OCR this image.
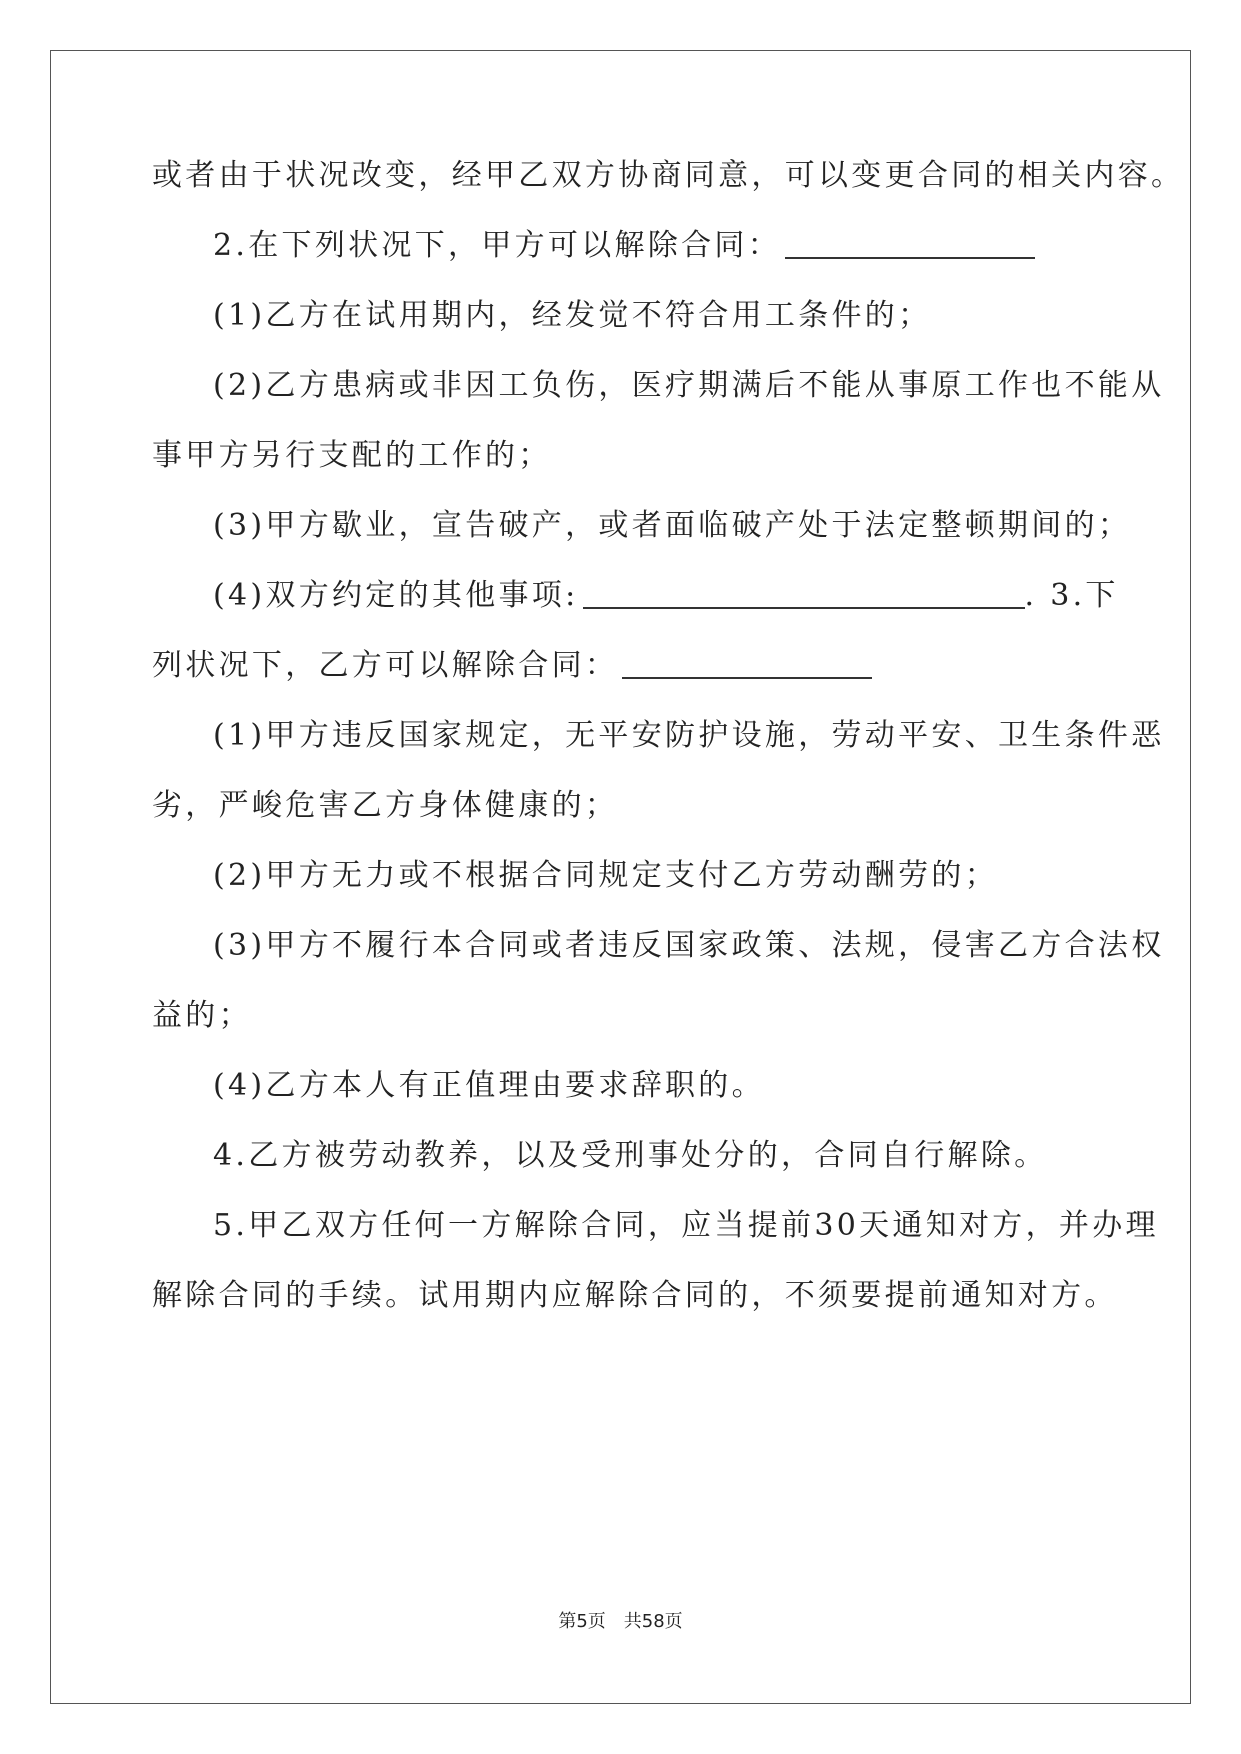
或者由于状况改变，经甲乙双方协商同意，可以变更合同的相关内容。
2.在下列状况下，甲方可以解除合同：
(1)乙方在试用期内，经发觉不符合用工条件的；
(2)乙方患病或非因工负伤，医疗期满后不能从事原工作也不能从
事甲方另行支配的工作的；
(3)甲方歇业，宣告破产，或者面临破产处于法定整顿期间的；
(4)双方约定的其他事项:	. 3.下
列状况下，乙方可以解除合同：
(1)甲方违反国家规定，无平安防护设施，劳动平安、卫生条件恶
劣，严峻危害乙方身体健康的；
(2)甲方无力或不根据合同规定支付乙方劳动酬劳的；
(3)甲方不履行本合同或者违反国家政策、法规，侵害乙方合法权
益的；
(4)乙方本人有正值理由要求辞职的。
4.乙方被劳动教养，以及受刑事处分的，合同自行解除。
5.甲乙双方任何一方解除合同，应当提前30天通知对方，并办理
解除合同的手续。试用期内应解除合同的，不须要提前通知对方。
第5页　共58页
